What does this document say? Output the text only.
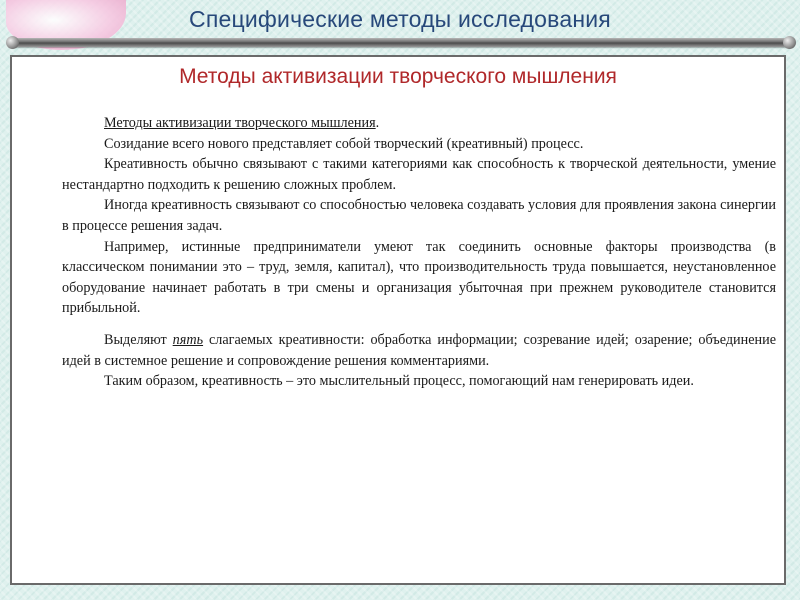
Специфические методы исследования
Методы активизации творческого мышления

Методы активизации творческого мышления.

Созидание всего нового представляет собой творческий (креативный) процесс.

Креативность обычно связывают с такими категориями как способность к творческой деятельности, умение нестандартно подходить к решению сложных проблем.

Иногда креативность связывают со способностью человека создавать условия для проявления закона синергии в процессе решения задач.

Например, истинные предприниматели умеют так соединить основные факторы производства (в классическом понимании это – труд, земля, капитал), что производительность труда повышается, неустановленное оборудование начинает работать в три смены и организация убыточная при прежнем руководителе становится прибыльной.

Выделяют пять слагаемых креативности: обработка информации; созревание идей; озарение; объединение идей в системное решение и сопровождение решения комментариями.

Таким образом, креативность – это мыслительный процесс, помогающий нам генерировать идеи.
